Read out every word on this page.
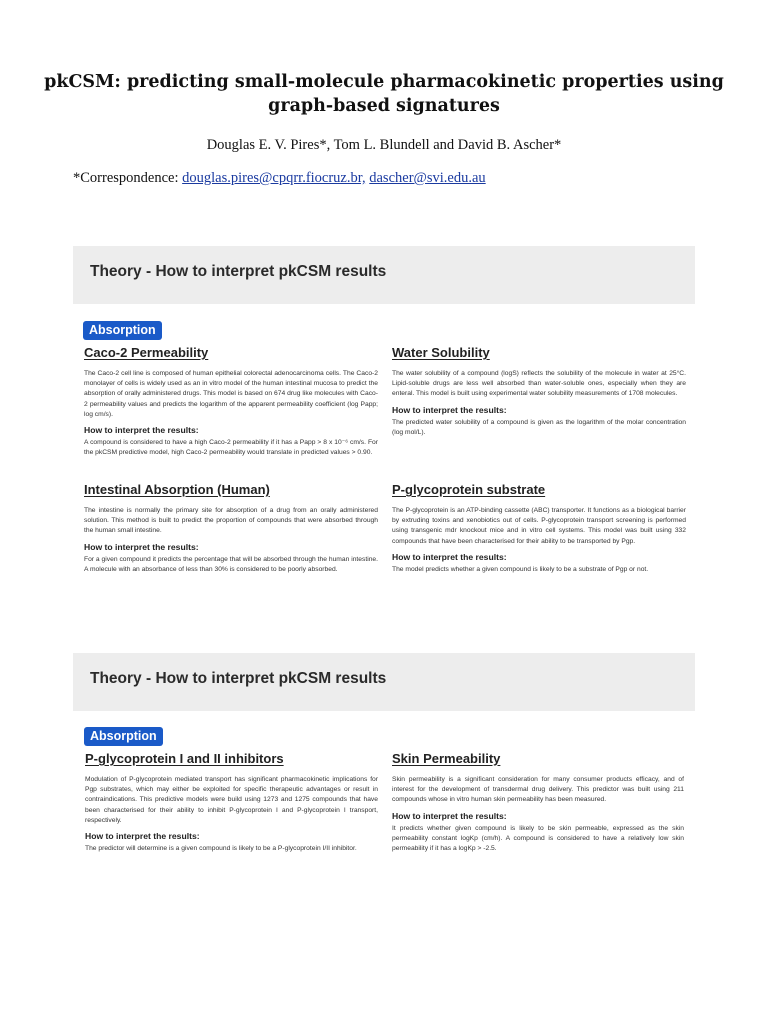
pkCSM: predicting small-molecule pharmacokinetic properties using
graph-based signatures
Douglas E. V. Pires*, Tom L. Blundell and David B. Ascher*
*Correspondence: douglas.pires@cpqrr.fiocruz.br, dascher@svi.edu.au
Theory - How to interpret pkCSM results
Absorption
Caco-2 Permeability

The Caco-2 cell line is composed of human epithelial colorectal adenocarcinoma cells. The Caco-2 monolayer of cells is widely used as an in vitro model of the human intestinal mucosa to predict the absorption of orally administered drugs. This model is based on 674 drug like molecules with Caco-2 permeability values and predicts the logarithm of the apparent permeability coefficient (log Papp; log cm/s).

How to interpret the results:

A compound is considered to have a high Caco-2 permeability if it has a Papp > 8 x 10⁻⁶ cm/s. For the pkCSM predictive model, high Caco-2 permeability would translate in predicted values > 0.90.

Water Solubility

The water solubility of a compound (logS) reflects the solubility of the molecule in water at 25°C. Lipid-soluble drugs are less well absorbed than water-soluble ones, especially when they are enteral. This model is built using experimental water solubility measurements of 1708 molecules.

How to interpret the results:

The predicted water solubility of a compound is given as the logarithm of the molar concentration (log mol/L).

Intestinal Absorption (Human)

The intestine is normally the primary site for absorption of a drug from an orally administered solution. This method is built to predict the proportion of compounds that were absorbed through the human small intestine.

How to interpret the results:

For a given compound it predicts the percentage that will be absorbed through the human intestine. A molecule with an absorbance of less than 30% is considered to be poorly absorbed.

P-glycoprotein substrate

The P-glycoprotein is an ATP-binding cassette (ABC) transporter. It functions as a biological barrier by extruding toxins and xenobiotics out of cells. P-glycoprotein transport screening is performed using transgenic mdr knockout mice and in vitro cell systems. This model was built using 332 compounds that have been characterised for their ability to be transported by Pgp.

How to interpret the results:

The model predicts whether a given compound is likely to be a substrate of Pgp or not.

Theory - How to interpret pkCSM results
Absorption
P-glycoprotein I and II inhibitors

Modulation of P-glycoprotein mediated transport has significant pharmacokinetic implications for Pgp substrates, which may either be exploited for specific therapeutic advantages or result in contraindications. This predictive models were build using 1273 and 1275 compounds that have been characterised for their ability to inhibit P-glycoprotein I and P-glycoprotein I transport, respectively.

How to interpret the results:

The predictor will determine is a given compound is likely to be a P-glycoprotein I/II inhibitor.

Skin Permeability

Skin permeability is a significant consideration for many consumer products efficacy, and of interest for the development of transdermal drug delivery. This predictor was built using 211 compounds whose in vitro human skin permeability has been measured.

How to interpret the results:

It predicts whether given compound is likely to be skin permeable, expressed as the skin permeability constant logKp (cm/h). A compound is considered to have a relatively low skin permeability if it has a logKp > -2.5.
